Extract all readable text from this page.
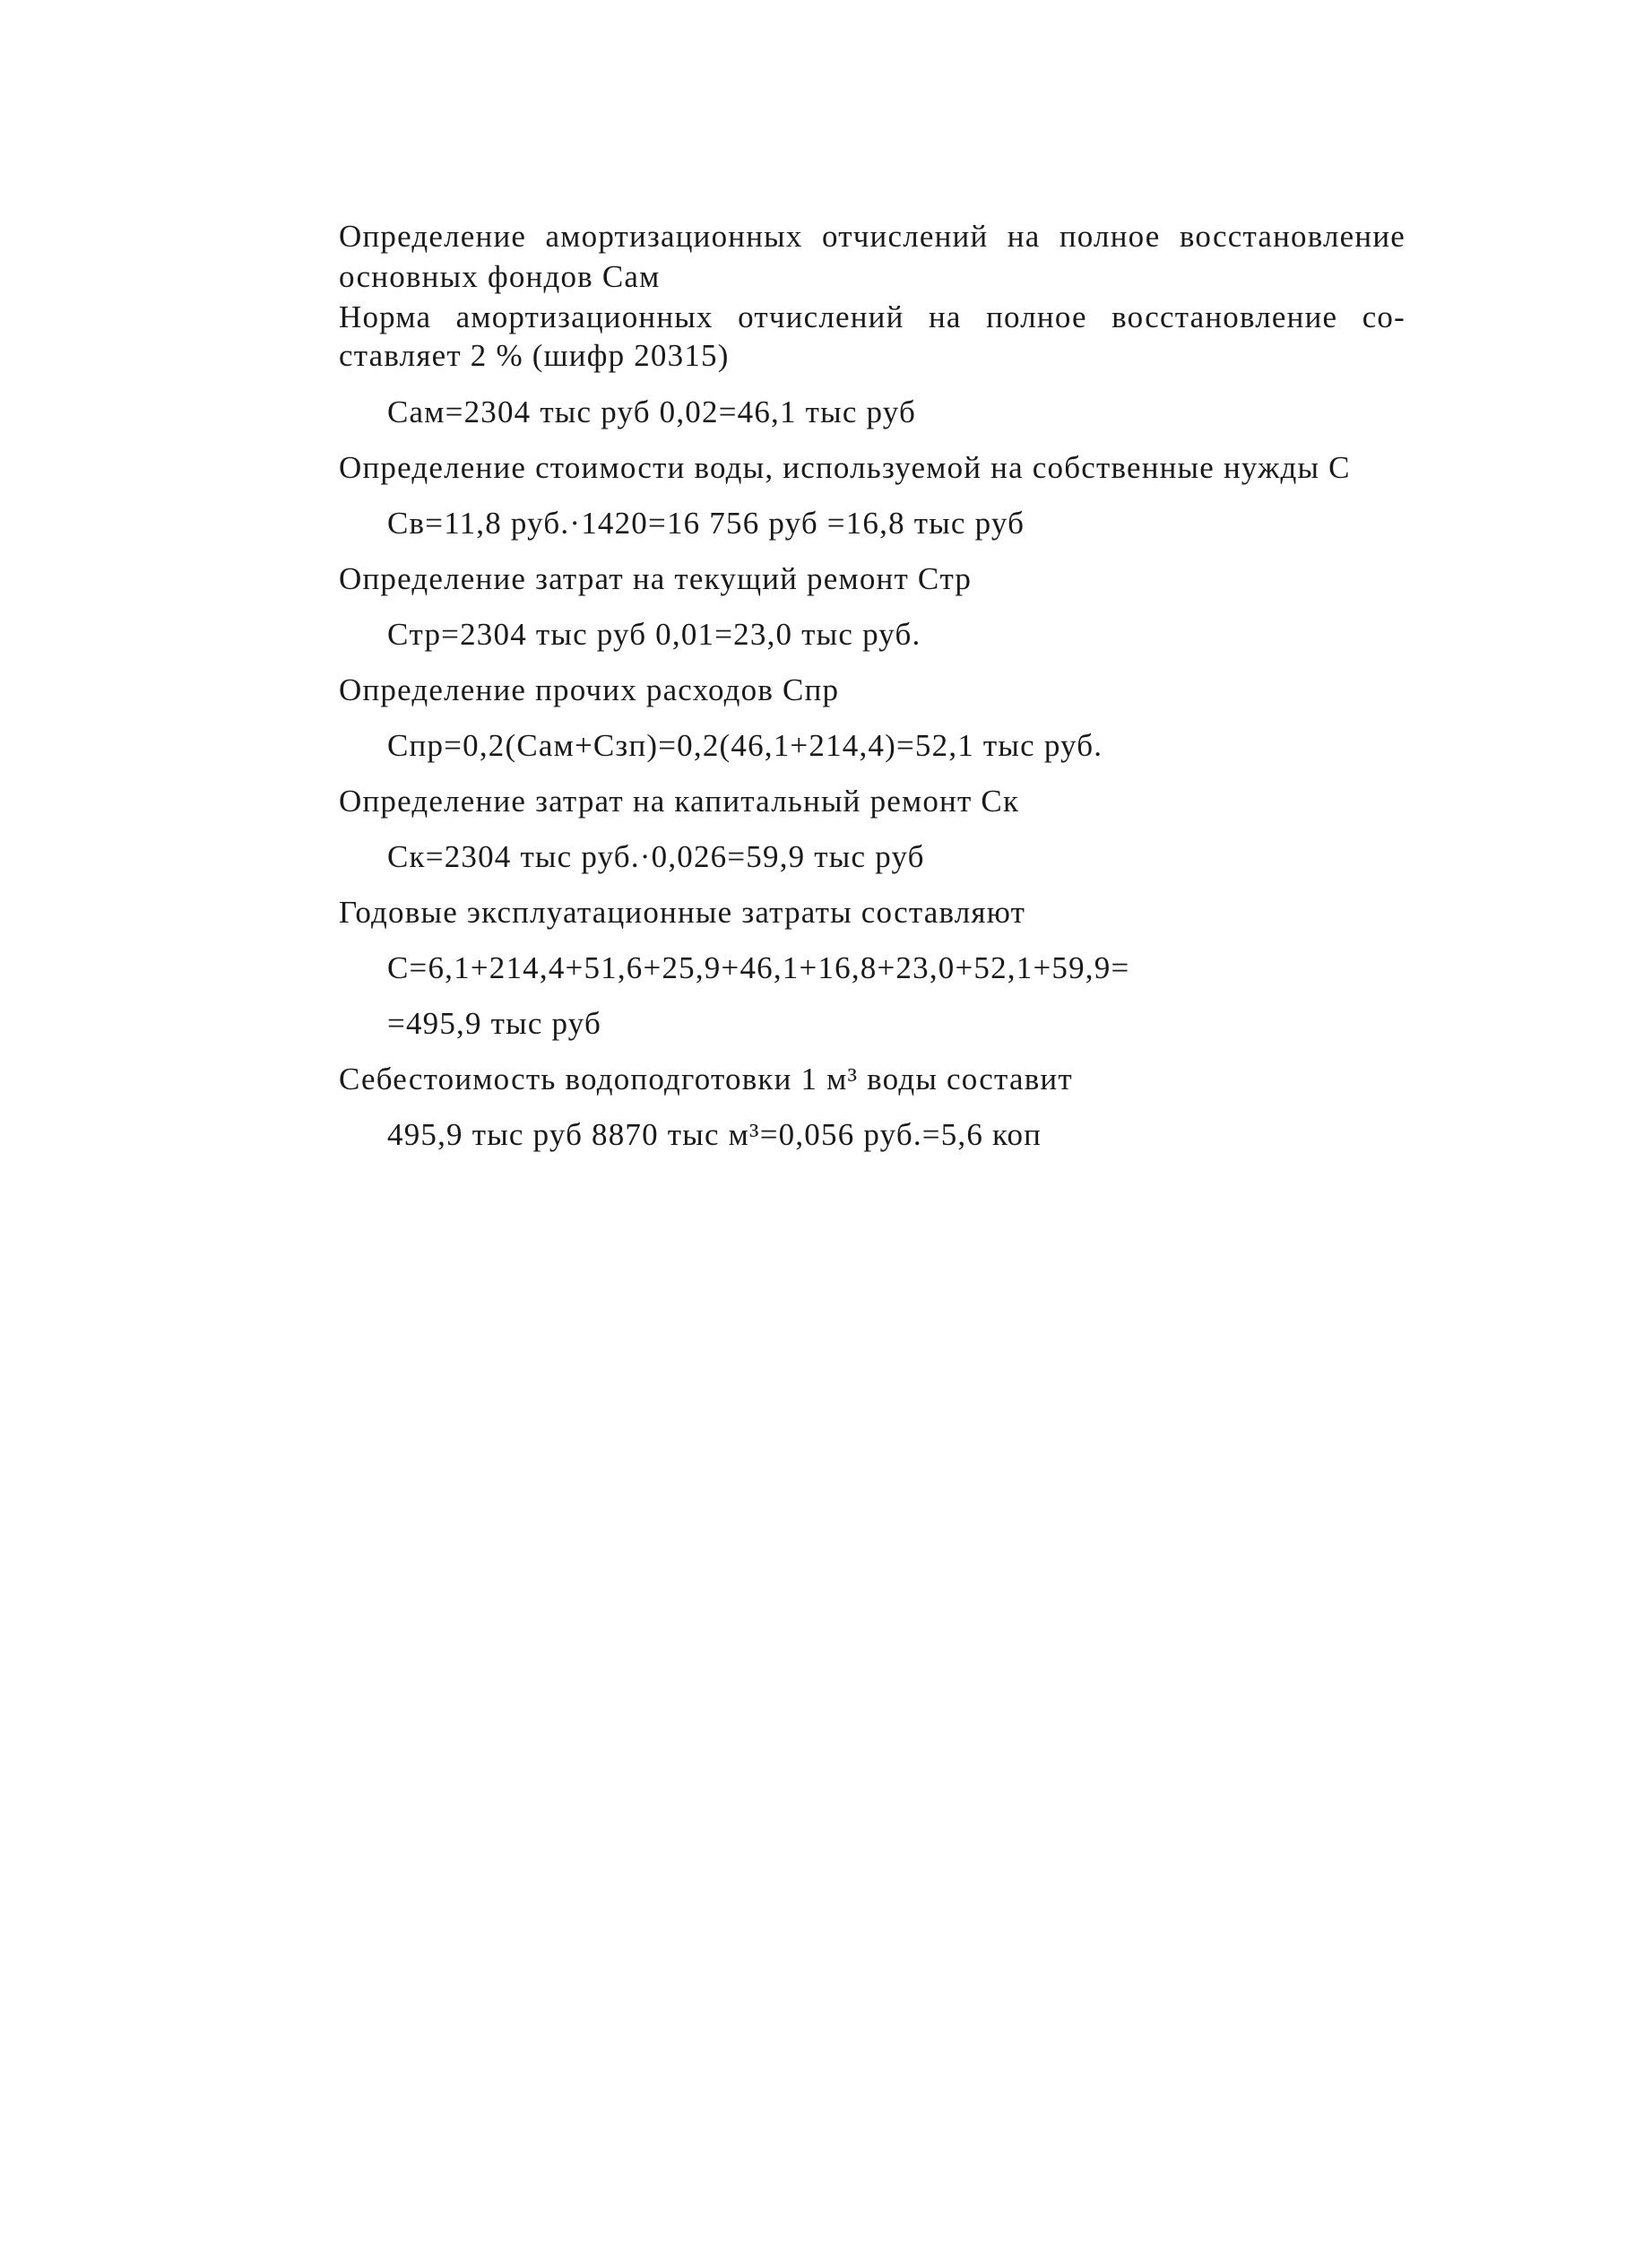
Определение амортизационных отчислений на полное восстановление
основных фондов Cам
Норма амортизационных отчислений на полное восстановление со-
ставляет 2 % (шифр 20315)
Cам=2304 тыс руб 0,02=46,1 тыс руб
Определение стоимости воды, используемой на собственные нужды C
Cв=11,8 руб.·1420=16 756 руб =16,8 тыс руб
Определение затрат на текущий ремонт Cтр
Cтр=2304 тыс руб 0,01=23,0 тыс руб.
Определение прочих расходов Cпр
Cпр=0,2(Cам+Cзп)=0,2(46,1+214,4)=52,1 тыс руб.
Определение затрат на капитальный ремонт Cк
Cк=2304 тыс руб.·0,026=59,9 тыс руб
Годовые эксплуатационные затраты составляют
C=6,1+214,4+51,6+25,9+46,1+16,8+23,0+52,1+59,9=
=495,9 тыс руб
Себестоимость водоподготовки 1 м³ воды составит
495,9 тыс руб 8870 тыс м³=0,056 руб.=5,6 коп
